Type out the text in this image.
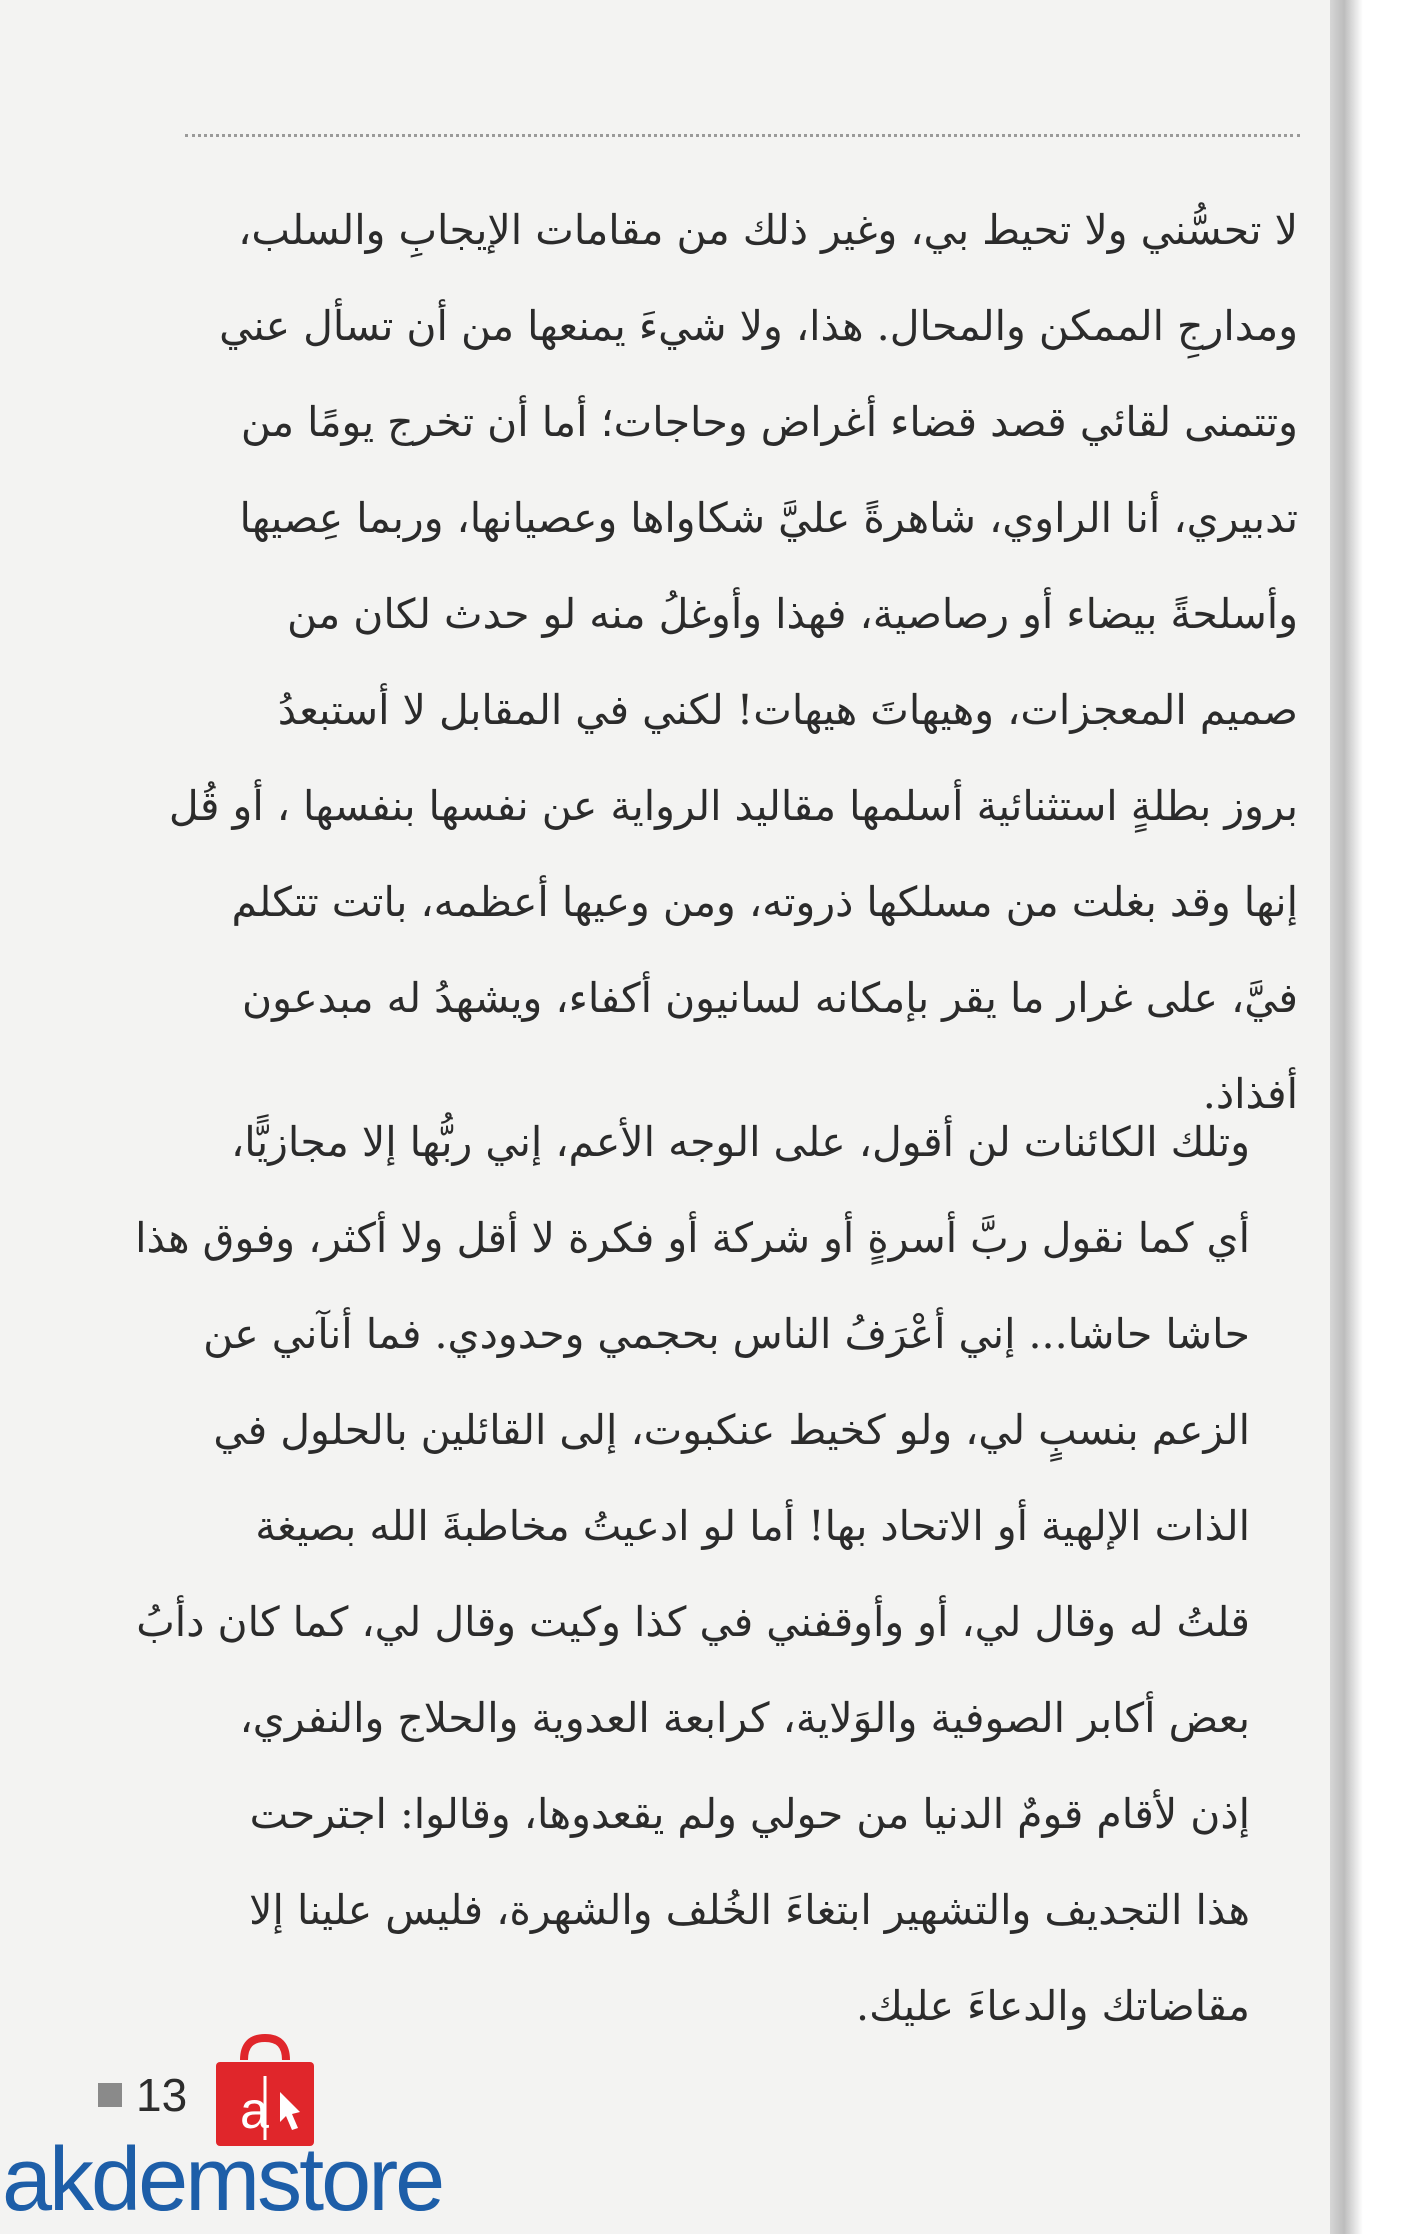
لا تحسُّني ولا تحيط بي، وغير ذلك من مقامات الإيجابِ والسلب،
ومدارجِ الممكن والمحال. هذا، ولا شيءَ يمنعها من أن تسأل عني
وتتمنى لقائي قصد قضاء أغراض وحاجات؛ أما أن تخرج يومًا من
تدبيري، أنا الراوي، شاهرةً عليَّ شكاواها وعصيانها، وربما عِصيها
وأسلحةً بيضاء أو رصاصية، فهذا وأوغلُ منه لو حدث لكان من
صميم المعجزات، وهيهاتَ هيهات! لكني في المقابل لا أستبعدُ
بروز بطلةٍ استثنائية أسلمها مقاليد الرواية عن نفسها بنفسها ، أو قُل
إنها وقد بغلت من مسلكها ذروته، ومن وعيها أعظمه، باتت تتكلم
فيَّ، على غرار ما يقر بإمكانه لسانيون أكفاء، ويشهدُ له مبدعون
أفذاذ.

وتلك الكائنات لن أقول، على الوجه الأعم، إني ربُّها إلا مجازيًّا،
أي كما نقول ربَّ أسرةٍ أو شركة أو فكرة لا أقل ولا أكثر، وفوق هذا
حاشا حاشا... إني أعْرَفُ الناس بحجمي وحدودي. فما أنآني عن
الزعم بنسبٍ لي، ولو كخيط عنكبوت، إلى القائلين بالحلول في
الذات الإلهية أو الاتحاد بها! أما لو ادعيتُ مخاطبةَ الله بصيغة
قلتُ له وقال لي، أو وأوقفني في كذا وكيت وقال لي، كما كان دأبُ
بعض أكابر الصوفية والوَلاية، كرابعة العدوية والحلاج والنفري،
إذن لأقام قومٌ الدنيا من حولي ولم يقعدوها، وقالوا: اجترحت
هذا التجديف والتشهير ابتغاءَ الخُلف والشهرة، فليس علينا إلا
مقاضاتك والدعاءَ عليك.

13 a
akdemstore
